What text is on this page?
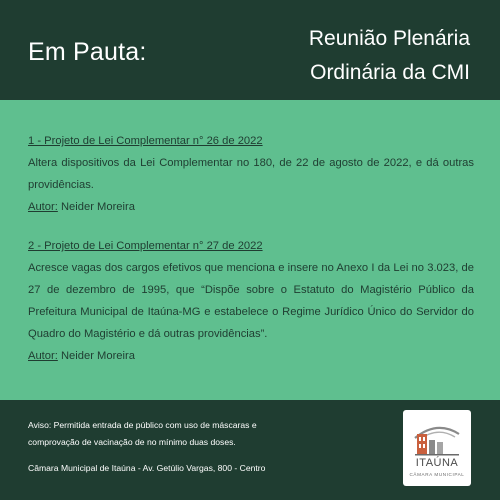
Em Pauta:	Reunião Plenária
Ordinária da CMI
1 - Projeto de Lei Complementar n° 26 de 2022
Altera dispositivos da Lei Complementar no 180, de 22 de agosto de 2022, e dá outras providências.
Autor: Neider Moreira
2 - Projeto de Lei Complementar n° 27 de 2022
Acresce vagas dos cargos efetivos que menciona e insere no Anexo I da Lei no 3.023, de 27 de dezembro de 1995, que “Dispõe sobre o Estatuto do Magistério Público da Prefeitura Municipal de Itaúna-MG e estabelece o Regime Jurídico Único do Servidor do Quadro do Magistério e dá outras providências”.
Autor: Neider Moreira
Aviso: Permitida entrada de público com uso de máscaras e
comprovação de vacinação de no mínimo duas doses.
Câmara Municipal de Itaúna - Av. Getúlio Vargas, 800 - Centro	ITAÚNA
CÂMARA MUNICIPAL
